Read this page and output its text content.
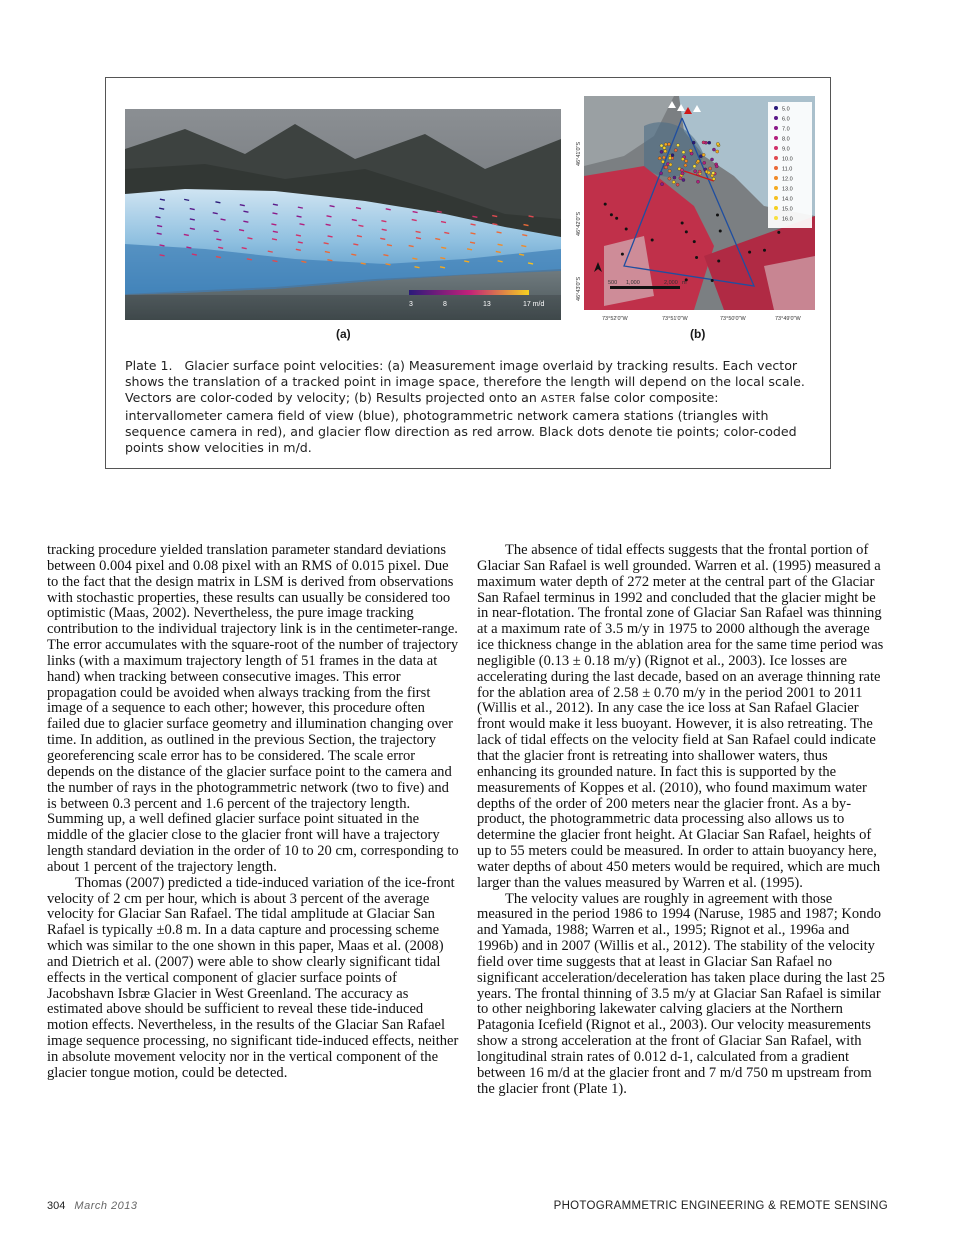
3	8	13	17 m/d
5.0
6.0
7.0
8.0
9.0
10.0
11.0
12.0
13.0
14.0
15.0
16.0
500 1,000	2,000 m
46°41'0"S
46°42'0"S
46°43'0"S
73°52'0"W	73°51'0"W	73°50'0"W	73°49'0"W
(a)	(b)
Plate 1. Glacier surface point velocities: (a) Measurement image overlaid by tracking results. Each vector shows the translation of a tracked point in image space, therefore the length will depend on the local scale. Vectors are color-coded by velocity; (b) Results projected onto an ASTER false color composite: intervallometer camera field of view (blue), photogrammetric network camera stations (triangles with sequence camera in red), and glacier flow direction as red arrow. Black dots denote tie points; color-coded points show velocities in m/d.

tracking procedure yielded translation parameter standard deviations between 0.004 pixel and 0.08 pixel with an RMS of 0.015 pixel. Due to the fact that the design matrix in LSM is derived from observations with stochastic properties, these results can usually be considered too optimistic (Maas, 2002). Nevertheless, the pure image tracking contribution to the individual trajectory link is in the centimeter-range. The error accumulates with the square-root of the number of trajectory links (with a maximum trajectory length of 51 frames in the data at hand) when tracking between consecutive images. This error propagation could be avoided when always tracking from the first image of a sequence to each other; however, this procedure often failed due to glacier surface geometry and illumination changing over time. In addition, as outlined in the previous Section, the trajectory georeferencing scale error has to be considered. The scale error depends on the distance of the glacier surface point to the camera and the number of rays in the photogrammetric network (two to five) and is between 0.3 percent and 1.6 percent of the trajectory length. Summing up, a well defined glacier surface point situated in the middle of the glacier close to the glacier front will have a trajectory length standard deviation in the order of 10 to 20 cm, corresponding to about 1 percent of the trajectory length.

Thomas (2007) predicted a tide-induced variation of the ice-front velocity of 2 cm per hour, which is about 3 percent of the average velocity for Glaciar San Rafael. The tidal amplitude at Glaciar San Rafael is typically ±0.8 m. In a data capture and processing scheme which was similar to the one shown in this paper, Maas et al. (2008) and Dietrich et al. (2007) were able to show clearly significant tidal effects in the vertical component of glacier surface points of Jacobshavn Isbræ Glacier in West Greenland. The accuracy as estimated above should be sufficient to reveal these tide-induced motion effects. Nevertheless, in the results of the Glaciar San Rafael image sequence processing, no significant tide-induced effects, neither in absolute movement velocity nor in the vertical component of the glacier tongue motion, could be detected.

The absence of tidal effects suggests that the frontal portion of Glaciar San Rafael is well grounded. Warren et al. (1995) measured a maximum water depth of 272 meter at the central part of the Glaciar San Rafael terminus in 1992 and concluded that the glacier might be in near-flotation. The frontal zone of Glaciar San Rafael was thinning at a maximum rate of 3.5 m/y in 1975 to 2000 although the average ice thickness change in the ablation area for the same time period was negligible (0.13 ± 0.18 m/y) (Rignot et al., 2003). Ice losses are accelerating during the last decade, based on an average thinning rate for the ablation area of 2.58 ± 0.70 m/y in the period 2001 to 2011 (Willis et al., 2012). In any case the ice loss at San Rafael Glacier front would make it less buoyant. However, it is also retreating. The lack of tidal effects on the velocity field at San Rafael could indicate that the glacier front is retreating into shallower waters, thus enhancing its grounded nature. In fact this is supported by the measurements of Koppes et al. (2010), who found maximum water depths of the order of 200 meters near the glacier front. As a by-product, the photogrammetric data processing also allows us to determine the glacier front height. At Glaciar San Rafael, heights of up to 55 meters could be measured. In order to attain buoyancy here, water depths of about 450 meters would be required, which are much larger than the values measured by Warren et al. (1995).

The velocity values are roughly in agreement with those measured in the period 1986 to 1994 (Naruse, 1985 and 1987; Kondo and Yamada, 1988; Warren et al., 1995; Rignot et al., 1996a and 1996b) and in 2007 (Willis et al., 2012). The stability of the velocity field over time suggests that at least in Glaciar San Rafael no significant acceleration/deceleration has taken place during the last 25 years. The frontal thinning of 3.5 m/y at Glaciar San Rafael is similar to other neighboring lakewater calving glaciers at the Northern Patagonia Icefield (Rignot et al., 2003). Our velocity measurements show a strong acceleration at the front of Glaciar San Rafael, with longitudinal strain rates of 0.012 d-1, calculated from a gradient between 16 m/d at the glacier front and 7 m/d 750 m upstream from the glacier front (Plate 1).

304 March 2013	PHOTOGRAMMETRIC ENGINEERING & REMOTE SENSING
